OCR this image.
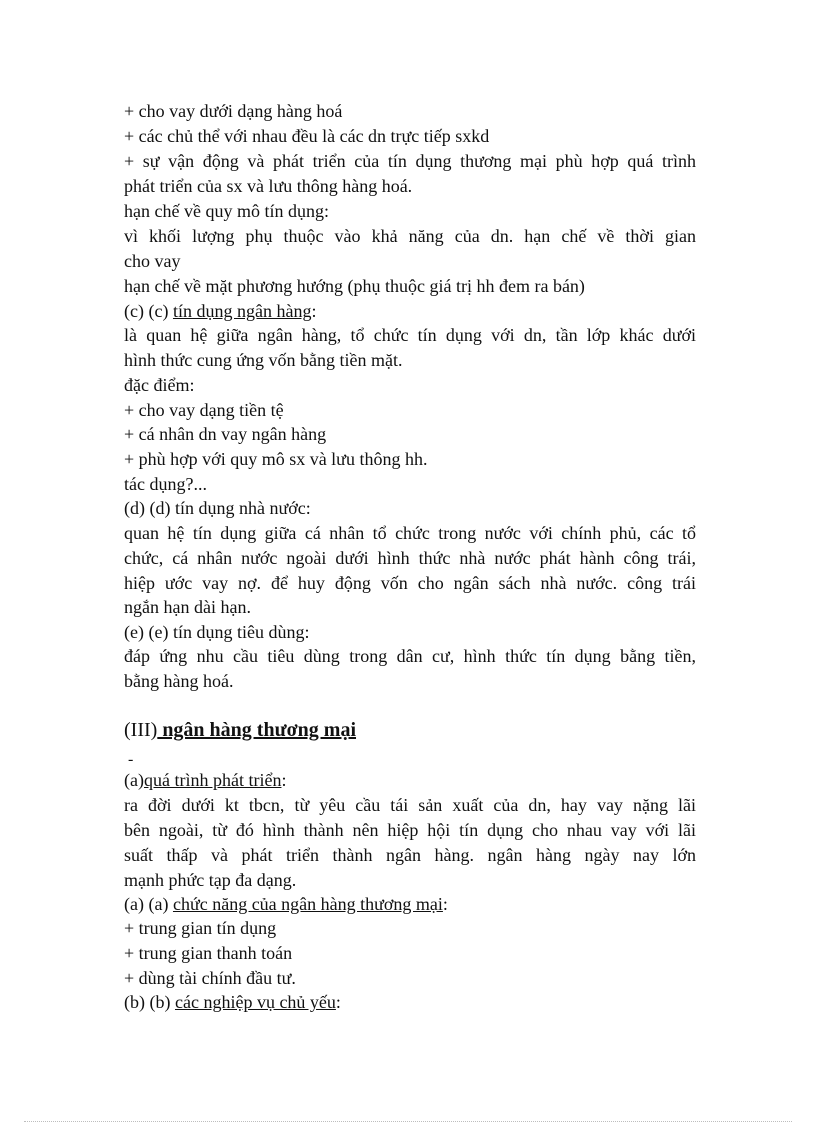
+ cho vay dưới dạng hàng hoá
+ các chủ thể với nhau đều là các dn trực tiếp sxkd
+ sự vận động và phát triển của tín dụng thương mại phù hợp quá trình
phát triển của sx và lưu thông hàng hoá.
hạn chế về quy mô tín dụng:
vì khối lượng phụ thuộc vào khả năng của dn. hạn chế về thời gian
cho vay
hạn chế về mặt phương hướng (phụ thuộc giá trị hh đem ra bán)
(c) (c) tín dụng ngân hàng:
là quan hệ giữa ngân hàng, tổ chức tín dụng với dn, tần lớp khác dưới
hình thức cung ứng vốn bằng tiền mặt.
đặc điểm:
+ cho vay dạng tiền tệ
+ cá nhân dn vay ngân hàng
+ phù hợp với quy mô sx và lưu thông hh.
tác dụng?...
(d) (d) tín dụng nhà nước:
quan hệ tín dụng giữa cá nhân tổ chức trong nước với chính phủ, các tổ
chức, cá nhân nước ngoài dưới hình thức nhà nước phát hành công trái,
hiệp ước vay nợ. để huy động vốn cho ngân sách nhà nước. công trái
ngắn hạn dài hạn.
(e) (e) tín dụng tiêu dùng:
đáp ứng nhu cầu tiêu dùng trong dân cư, hình thức tín dụng bằng tiền,
bằng hàng hoá.
(III) ngân hàng thương mại
-
(a)quá trình phát triển:
ra đời dưới kt tbcn, từ yêu cầu tái sản xuất của dn, hay vay nặng lãi
bên ngoài, từ đó hình thành nên hiệp hội tín dụng cho nhau vay với lãi
suất thấp và phát triển thành ngân hàng. ngân hàng ngày nay lớn
mạnh phức tạp đa dạng.
(a) (a) chức năng của ngân hàng thương mại:
+ trung gian tín dụng
+ trung gian thanh toán
+ dùng tài chính đầu tư.
(b) (b) các nghiệp vụ chủ yếu:
